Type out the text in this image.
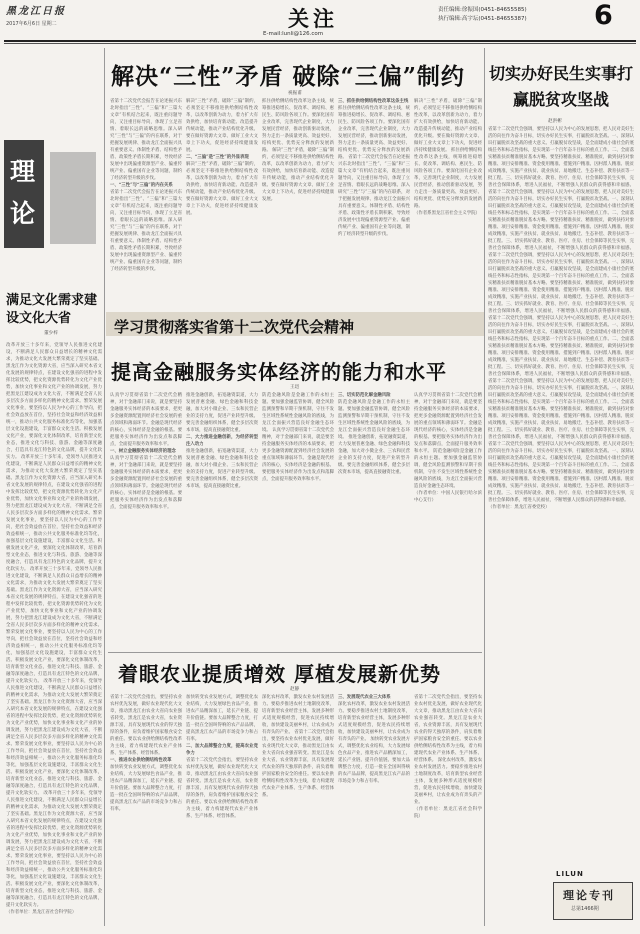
黑龙江日报
2017年6月6日 星期二	关注
E-mail:lunli@126.com
责任编辑:徐振国(0451-84655585)
执行编辑:高宇坛(0451-84655387) 6
理论
满足文化需求建设文化大省
董少梓
改革开放三十多年来，党领导人民推进文化建设，不断满足人民群众日益增长的精神文化需求，为推动文化大发展大繁荣奠定了坚实基础。黑龙江作为文化资源大省，应当深入研究本省文化发展的规律特点，在建设文化强省的进程中发挥比较优势，把文化资源优势转化为文化产业优势，加快文化事业和文化产业的协调发展，努力把黑龙江建设成为文化大省，不断满足全省人民多层次多方面多样化的精神文化需求。繁荣发展文化事业，要坚持以人民为中心的工作导向，把社会效益放在首位，坚持社会效益和经济效益相统一，推动公共文化服务标准化均等化，加强基层文化设施建设，丰富群众文化生活。积极发展文化产业，要深化文化体制改革，培育新型文化业态，推进文化与科技、旅游、金融等深度融合，打造具有龙江特色的文化品牌，提升文化软实力。 改革开放三十多年来，党领导人民推进文化建设，不断满足人民群众日益增长的精神文化需求，为推动文化大发展大繁荣奠定了坚实基础。黑龙江作为文化资源大省，应当深入研究本省文化发展的规律特点，在建设文化强省的进程中发挥比较优势，把文化资源优势转化为文化产业优势，加快文化事业和文化产业的协调发展，努力把黑龙江建设成为文化大省，不断满足全省人民多层次多方面多样化的精神文化需求。繁荣发展文化事业，要坚持以人民为中心的工作导向，把社会效益放在首位，坚持社会效益和经济效益相统一，推动公共文化服务标准化均等化，加强基层文化设施建设，丰富群众文化生活。积极发展文化产业，要深化文化体制改革，培育新型文化业态，推进文化与科技、旅游、金融等深度融合，打造具有龙江特色的文化品牌，提升文化软实力。 改革开放三十多年来，党领导人民推进文化建设，不断满足人民群众日益增长的精神文化需求，为推动文化大发展大繁荣奠定了坚实基础。黑龙江作为文化资源大省，应当深入研究本省文化发展的规律特点，在建设文化强省的进程中发挥比较优势，把文化资源优势转化为文化产业优势，加快文化事业和文化产业的协调发展，努力把黑龙江建设成为文化大省，不断满足全省人民多层次多方面多样化的精神文化需求。繁荣发展文化事业，要坚持以人民为中心的工作导向，把社会效益放在首位，坚持社会效益和经济效益相统一，推动公共文化服务标准化均等化，加强基层文化设施建设，丰富群众文化生活。积极发展文化产业，要深化文化体制改革，培育新型文化业态，推进文化与科技、旅游、金融等深度融合，打造具有龙江特色的文化品牌，提升文化软实力。 改革开放三十多年来，党领导人民推进文化建设，不断满足人民群众日益增长的精神文化需求，为推动文化大发展大繁荣奠定了坚实基础。黑龙江作为文化资源大省，应当深入研究本省文化发展的规律特点，在建设文化强省的进程中发挥比较优势，把文化资源优势转化为文化产业优势，加快文化事业和文化产业的协调发展，努力把黑龙江建设成为文化大省，不断满足全省人民多层次多方面多样化的精神文化需求。繁荣发展文化事业，要坚持以人民为中心的工作导向，把社会效益放在首位，坚持社会效益和经济效益相统一，推动公共文化服务标准化均等化，加强基层文化设施建设，丰富群众文化生活。积极发展文化产业，要深化文化体制改革，培育新型文化业态，推进文化与科技、旅游、金融等深度融合，打造具有龙江特色的文化品牌，提升文化软实力。 改革开放三十多年来，党领导人民推进文化建设，不断满足人民群众日益增长的精神文化需求，为推动文化大发展大繁荣奠定了坚实基础。黑龙江作为文化资源大省，应当深入研究本省文化发展的规律特点，在建设文化强省的进程中发挥比较优势，把文化资源优势转化为文化产业优势，加快文化事业和文化产业的协调发展，努力把黑龙江建设成为文化大省，不断满足全省人民多层次多方面多样化的精神文化需求。繁荣发展文化事业，要坚持以人民为中心的工作导向，把社会效益放在首位，坚持社会效益和经济效益相统一，推动公共文化服务标准化均等化，加强基层文化设施建设，丰富群众文化生活。积极发展文化产业，要深化文化体制改革，培育新型文化业态，推进文化与科技、旅游、金融等深度融合，打造具有龙江特色的文化品牌，提升文化软实力。
（作者单位：黑龙江省社会科学院）
解决“三性”矛盾 破除“三偏”制约
祝振甫
省第十二次党代会报告在论述振兴东北时指出“三性”、“三偏”和“三篇大文章”有机结合起来，既注重问题导向，又注重目标导向，体现了立足省情、着眼长远的战略思维。深入研究“三性”与“三偏”的内在联系，对于把握发展规律、推动龙江全面振兴具有重要意义。体制性矛盾、结构性矛盾、政策性矛盾长期积累，导致经济发展中出现偏重资源型产业、偏重传统产业、偏重国有企业等问题，制约了经济转型升级的步伐。
一、“三性”与“三偏”的内在关系
省第十二次党代会报告在论述振兴东北时指出“三性”、“三偏”和“三篇大文章”有机结合起来，既注重问题导向，又注重目标导向，体现了立足省情、着眼长远的战略思维。深入研究“三性”与“三偏”的内在联系，对于把握发展规律、推动龙江全面振兴具有重要意义。体制性矛盾、结构性矛盾、政策性矛盾长期积累，导致经济发展中出现偏重资源型产业、偏重传统产业、偏重国有企业等问题，制约了经济转型升级的步伐。
解决“三性”矛盾，破除“三偏”制约，必须坚定不移推进供给侧结构性改革，以改革创新为动力，着力扩大有效供给，加快培育新动能、改造提升传统动能，推动产业结构优化升级。要在做好资源大文章、做好工业大文章上下功夫，促进经济持续健康发展。
二、“三偏”是“三性”的外显表现
解决“三性”矛盾，破除“三偏”制约，必须坚定不移推进供给侧结构性改革，以改革创新为动力，着力扩大有效供给，加快培育新动能、改造提升传统动能，推动产业结构优化升级。要在做好资源大文章、做好工业大文章上下功夫，促进经济持续健康发展。
抓住供给侧结构性改革这条主线，统筹推进稳增长、促改革、调结构、惠民生、防风险各项工作。要深化国有企业改革，完善现代企业制度，大力发展民营经济，推动创新驱动发展，努力走出一条质量更高、效益更好、结构更优、优势充分释放的发展新路。 解决“三性”矛盾，破除“三偏”制约，必须坚定不移推进供给侧结构性改革，以改革创新为动力，着力扩大有效供给，加快培育新动能、改造提升传统动能，推动产业结构优化升级。要在做好资源大文章、做好工业大文章上下功夫，促进经济持续健康发展。
三、抓住供给侧结构性改革这条主线
抓住供给侧结构性改革这条主线，统筹推进稳增长、促改革、调结构、惠民生、防风险各项工作。要深化国有企业改革，完善现代企业制度，大力发展民营经济，推动创新驱动发展，努力走出一条质量更高、效益更好、结构更优、优势充分释放的发展新路。 省第十二次党代会报告在论述振兴东北时指出“三性”、“三偏”和“三篇大文章”有机结合起来，既注重问题导向，又注重目标导向，体现了立足省情、着眼长远的战略思维。深入研究“三性”与“三偏”的内在联系，对于把握发展规律、推动龙江全面振兴具有重要意义。体制性矛盾、结构性矛盾、政策性矛盾长期积累，导致经济发展中出现偏重资源型产业、偏重传统产业、偏重国有企业等问题，制约了经济转型升级的步伐。
解决“三性”矛盾，破除“三偏”制约，必须坚定不移推进供给侧结构性改革，以改革创新为动力，着力扩大有效供给，加快培育新动能、改造提升传统动能，推动产业结构优化升级。要在做好资源大文章、做好工业大文章上下功夫，促进经济持续健康发展。 抓住供给侧结构性改革这条主线，统筹推进稳增长、促改革、调结构、惠民生、防风险各项工作。要深化国有企业改革，完善现代企业制度，大力发展民营经济，推动创新驱动发展，努力走出一条质量更高、效益更好、结构更优、优势充分释放的发展新路。
（作者系黑龙江省社会主义学院）
切实办好民生实事打赢脱贫攻坚战
赵洪彬
省第十二次党代会强调，要坚持以人民为中心的发展思想，把人民对美好生活的向往作为奋斗目标，切实办好民生实事，打赢脱贫攻坚战。一、深刻认识打赢脱贫攻坚战的重大意义。打赢脱贫攻坚战，是全面建成小康社会的底线任务和标志性指标，是实现第一个百年奋斗目标的重点工作。二、全面落实精准扶贫精准脱贫基本方略。要坚持精准扶贫、精准脱贫，做到扶持对象精准、项目安排精准、资金使用精准、措施到户精准、因村派人精准、脱贫成效精准，实施产业扶贫、就业扶贫、易地搬迁、生态补偿、教育扶贫等一批工程。三、切实抓好就业、教育、医疗、住房、社会保障等民生实事，完善社会保障体系，增进人民福祉，不断增强人民群众的获得感和幸福感。 省第十二次党代会强调，要坚持以人民为中心的发展思想，把人民对美好生活的向往作为奋斗目标，切实办好民生实事，打赢脱贫攻坚战。一、深刻认识打赢脱贫攻坚战的重大意义。打赢脱贫攻坚战，是全面建成小康社会的底线任务和标志性指标，是实现第一个百年奋斗目标的重点工作。二、全面落实精准扶贫精准脱贫基本方略。要坚持精准扶贫、精准脱贫，做到扶持对象精准、项目安排精准、资金使用精准、措施到户精准、因村派人精准、脱贫成效精准，实施产业扶贫、就业扶贫、易地搬迁、生态补偿、教育扶贫等一批工程。三、切实抓好就业、教育、医疗、住房、社会保障等民生实事，完善社会保障体系，增进人民福祉，不断增强人民群众的获得感和幸福感。 省第十二次党代会强调，要坚持以人民为中心的发展思想，把人民对美好生活的向往作为奋斗目标，切实办好民生实事，打赢脱贫攻坚战。一、深刻认识打赢脱贫攻坚战的重大意义。打赢脱贫攻坚战，是全面建成小康社会的底线任务和标志性指标，是实现第一个百年奋斗目标的重点工作。二、全面落实精准扶贫精准脱贫基本方略。要坚持精准扶贫、精准脱贫，做到扶持对象精准、项目安排精准、资金使用精准、措施到户精准、因村派人精准、脱贫成效精准，实施产业扶贫、就业扶贫、易地搬迁、生态补偿、教育扶贫等一批工程。三、切实抓好就业、教育、医疗、住房、社会保障等民生实事，完善社会保障体系，增进人民福祉，不断增强人民群众的获得感和幸福感。 省第十二次党代会强调，要坚持以人民为中心的发展思想，把人民对美好生活的向往作为奋斗目标，切实办好民生实事，打赢脱贫攻坚战。一、深刻认识打赢脱贫攻坚战的重大意义。打赢脱贫攻坚战，是全面建成小康社会的底线任务和标志性指标，是实现第一个百年奋斗目标的重点工作。二、全面落实精准扶贫精准脱贫基本方略。要坚持精准扶贫、精准脱贫，做到扶持对象精准、项目安排精准、资金使用精准、措施到户精准、因村派人精准、脱贫成效精准，实施产业扶贫、就业扶贫、易地搬迁、生态补偿、教育扶贫等一批工程。三、切实抓好就业、教育、医疗、住房、社会保障等民生实事，完善社会保障体系，增进人民福祉，不断增强人民群众的获得感和幸福感。 省第十二次党代会强调，要坚持以人民为中心的发展思想，把人民对美好生活的向往作为奋斗目标，切实办好民生实事，打赢脱贫攻坚战。一、深刻认识打赢脱贫攻坚战的重大意义。打赢脱贫攻坚战，是全面建成小康社会的底线任务和标志性指标，是实现第一个百年奋斗目标的重点工作。二、全面落实精准扶贫精准脱贫基本方略。要坚持精准扶贫、精准脱贫，做到扶持对象精准、项目安排精准、资金使用精准、措施到户精准、因村派人精准、脱贫成效精准，实施产业扶贫、就业扶贫、易地搬迁、生态补偿、教育扶贫等一批工程。三、切实抓好就业、教育、医疗、住房、社会保障等民生实事，完善社会保障体系，增进人民福祉，不断增强人民群众的获得感和幸福感。 省第十二次党代会强调，要坚持以人民为中心的发展思想，把人民对美好生活的向往作为奋斗目标，切实办好民生实事，打赢脱贫攻坚战。一、深刻认识打赢脱贫攻坚战的重大意义。打赢脱贫攻坚战，是全面建成小康社会的底线任务和标志性指标，是实现第一个百年奋斗目标的重点工作。二、全面落实精准扶贫精准脱贫基本方略。要坚持精准扶贫、精准脱贫，做到扶持对象精准、项目安排精准、资金使用精准、措施到户精准、因村派人精准、脱贫成效精准，实施产业扶贫、就业扶贫、易地搬迁、生态补偿、教育扶贫等一批工程。三、切实抓好就业、教育、医疗、住房、社会保障等民生实事，完善社会保障体系，增进人民福祉，不断增强人民群众的获得感和幸福感。
（作者单位：黑龙江省委党校）
学习贯彻落实省第十二次党代会精神
提高金融服务实体经济的能力和水平
王迅
认真学习贯彻省第十二次党代会精神，对于金融部门来说，就是要坚持金融服务实体经济的本质要求，把更多金融资源配置到经济社会发展的重点领域和薄弱环节。金融是现代经济的核心，实体经济是金融的根基。要把服务实体经济作为出发点和落脚点，全面提升服务效率和水平。
一、树立金融服务实体经济的理念
认真学习贯彻省第十二次党代会精神，对于金融部门来说，就是要坚持金融服务实体经济的本质要求，把更多金融资源配置到经济社会发展的重点领域和薄弱环节。金融是现代经济的核心，实体经济是金融的根基。要把服务实体经济作为出发点和落脚点，全面提升服务效率和水平。
推进金融创新，拓宽融资渠道，大力发展普惠金融、绿色金融和科技金融，加大对小微企业、三农和民营企业的支持力度，促进产业转型升级。要完善金融组织体系，健全多层次资本市场，提高直接融资比重。
二、大力推进金融创新，为经济转型注入动力
推进金融创新，拓宽融资渠道，大力发展普惠金融、绿色金融和科技金融，加大对小微企业、三农和民营企业的支持力度，促进产业转型升级。要完善金融组织体系，健全多层次资本市场，提高直接融资比重。
防范金融风险是金融工作的永恒主题。要加强金融监管协调，健全风险监测预警和早期干预机制，守住不发生区域性系统性金融风险的底线，为龙江全面振兴营造良好金融生态环境。 认真学习贯彻省第十二次党代会精神，对于金融部门来说，就是要坚持金融服务实体经济的本质要求，把更多金融资源配置到经济社会发展的重点领域和薄弱环节。金融是现代经济的核心，实体经济是金融的根基。要把服务实体经济作为出发点和落脚点，全面提升服务效率和水平。
三、切实防范化解金融风险
防范金融风险是金融工作的永恒主题。要加强金融监管协调，健全风险监测预警和早期干预机制，守住不发生区域性系统性金融风险的底线，为龙江全面振兴营造良好金融生态环境。 推进金融创新，拓宽融资渠道，大力发展普惠金融、绿色金融和科技金融，加大对小微企业、三农和民营企业的支持力度，促进产业转型升级。要完善金融组织体系，健全多层次资本市场，提高直接融资比重。
认真学习贯彻省第十二次党代会精神，对于金融部门来说，就是要坚持金融服务实体经济的本质要求，把更多金融资源配置到经济社会发展的重点领域和薄弱环节。金融是现代经济的核心，实体经济是金融的根基。要把服务实体经济作为出发点和落脚点，全面提升服务效率和水平。 防范金融风险是金融工作的永恒主题。要加强金融监管协调，健全风险监测预警和早期干预机制，守住不发生区域性系统性金融风险的底线，为龙江全面振兴营造良好金融生态环境。
（作者单位：中国人民银行哈尔滨中心支行）
着眼农业提质增效 厚植发展新优势
赵静
省第十二次党代会指出，要坚持农业农村优先发展，做好农业现代化大文章，推动黑龙江由农业大省向农业强省转变。黑龙江是农业大省，农业资源丰富，具有发展现代农业的得天独厚的条件，肩负着维护国家粮食安全的重任。要以农业供给侧结构性改革为主线，着力构建现代农业产业体系、生产体系、经营体系。
一、推进农业供给侧结构性改革
加快转变农业发展方式，调整优化农业结构，大力发展绿色食品产业，推进农产品精深加工，延长产业链、提升价值链。要加大品牌整合力度，打造一批在全国叫得响的农产品品牌，提高黑龙江农产品的市场竞争力和占有率。
加快转变农业发展方式，调整优化农业结构，大力发展绿色食品产业，推进农产品精深加工，延长产业链、提升价值链。要加大品牌整合力度，打造一批在全国叫得响的农产品品牌，提高黑龙江农产品的市场竞争力和占有率。
二、加大品牌整合力度，提高农业竞争力
省第十二次党代会指出，要坚持农业农村优先发展，做好农业现代化大文章，推动黑龙江由农业大省向农业强省转变。黑龙江是农业大省，农业资源丰富，具有发展现代农业的得天独厚的条件，肩负着维护国家粮食安全的重任。要以农业供给侧结构性改革为主线，着力构建现代农业产业体系、生产体系、经营体系。
深化农村改革，激发农业农村发展活力。要稳步推进农村土地制度改革，培育新型农业经营主体，发展多种形式适度规模经营，促进农民持续增收，加快建设美丽乡村，让农业成为有奔头的产业。 省第十二次党代会指出，要坚持农业农村优先发展，做好农业现代化大文章，推动黑龙江由农业大省向农业强省转变。黑龙江是农业大省，农业资源丰富，具有发展现代农业的得天独厚的条件，肩负着维护国家粮食安全的重任。要以农业供给侧结构性改革为主线，着力构建现代农业产业体系、生产体系、经营体系。
三、发展现代农业三大体系
深化农村改革，激发农业农村发展活力。要稳步推进农村土地制度改革，培育新型农业经营主体，发展多种形式适度规模经营，促进农民持续增收，加快建设美丽乡村，让农业成为有奔头的产业。 加快转变农业发展方式，调整优化农业结构，大力发展绿色食品产业，推进农产品精深加工，延长产业链、提升价值链。要加大品牌整合力度，打造一批在全国叫得响的农产品品牌，提高黑龙江农产品的市场竞争力和占有率。
省第十二次党代会指出，要坚持农业农村优先发展，做好农业现代化大文章，推动黑龙江由农业大省向农业强省转变。黑龙江是农业大省，农业资源丰富，具有发展现代农业的得天独厚的条件，肩负着维护国家粮食安全的重任。要以农业供给侧结构性改革为主线，着力构建现代农业产业体系、生产体系、经营体系。 深化农村改革，激发农业农村发展活力。要稳步推进农村土地制度改革，培育新型农业经营主体，发展多种形式适度规模经营，促进农民持续增收，加快建设美丽乡村，让农业成为有奔头的产业。
（作者单位：黑龙江省社会科学院）
LILUN
理论专刊
总第1466期
